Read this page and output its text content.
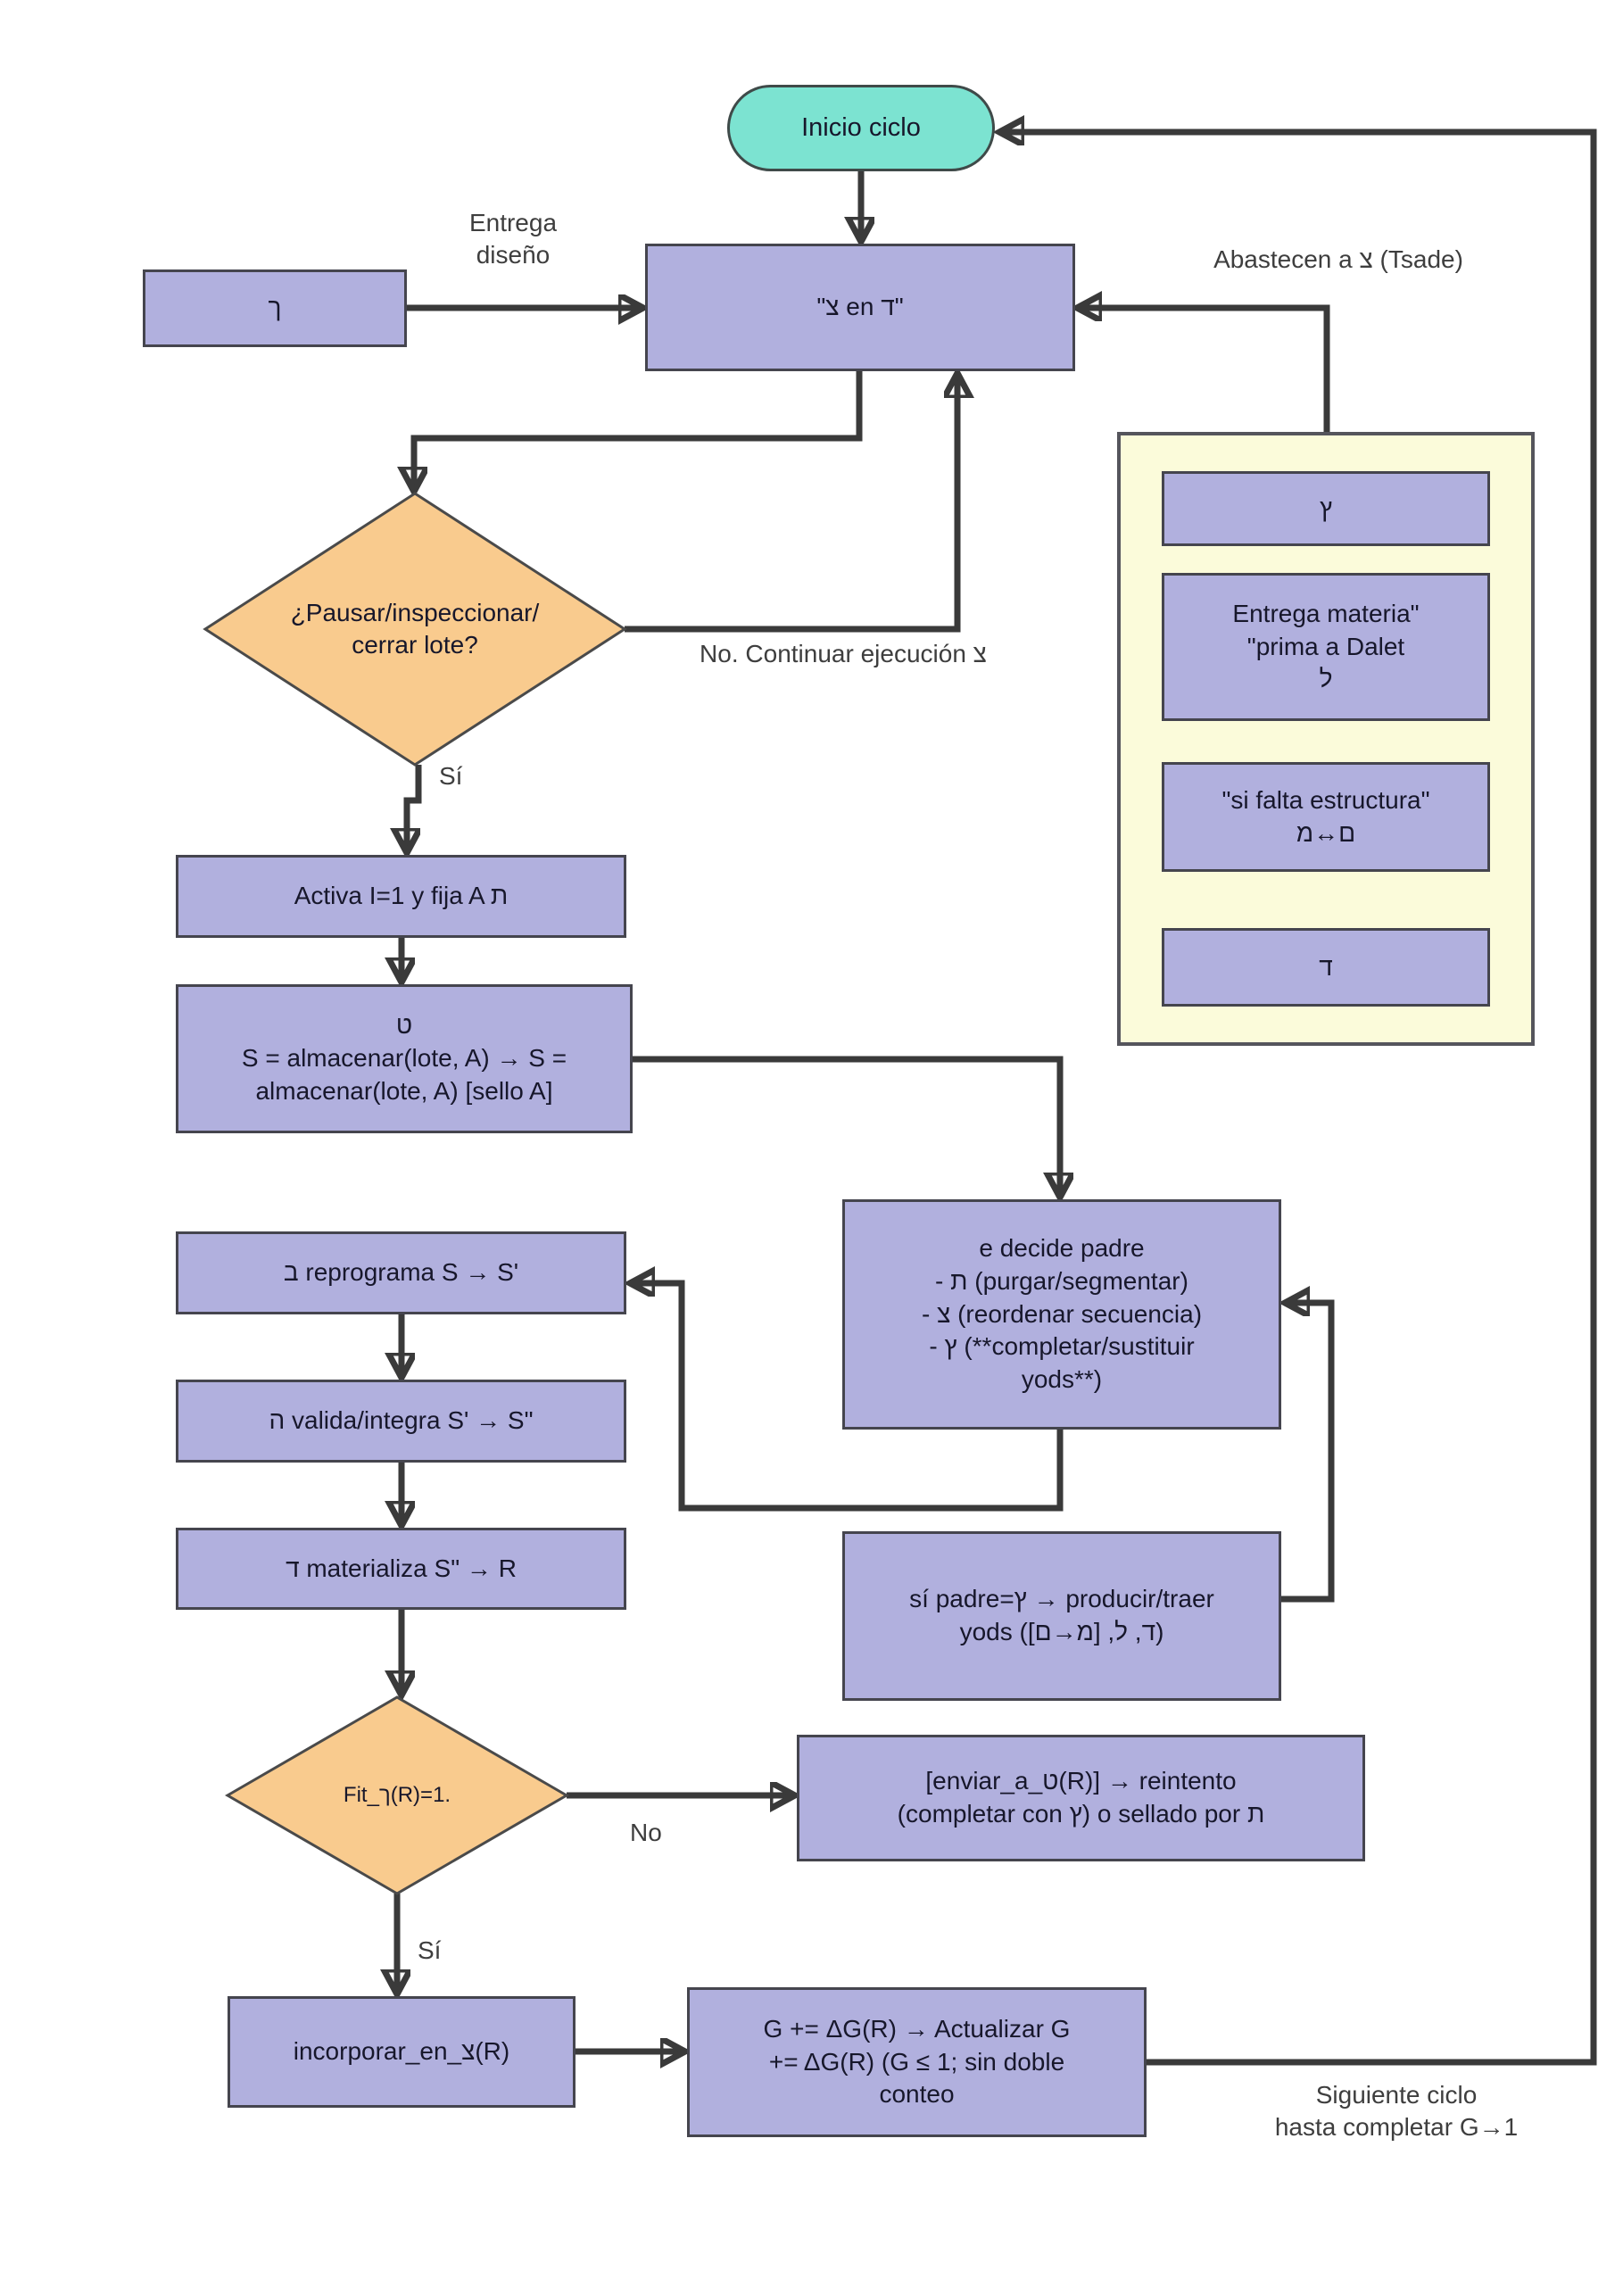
Inicio ciclo
ך	"צ en ד"
Entrega
diseño	Abastecen a צ (Tsade)
¿Pausar/inspeccionar/
cerrar lote?	No. Continuar ejecución צ
Sí
ץ
Entrega materia"
"prima a Dalet
ל
"si falta estructura"
מ↔ם
ד
Activa I=1 y fija A ת
ט
S = almacenar(lote, A) → S =
almacenar(lote, A) [sello A]
e decide padre
- ת (purgar/segmentar)
- צ (reordenar secuencia)
- ץ (**completar/sustituir
yods**)
ב reprograma S → S'
ה valida/integra S' → S"
ד materializa S" → R
sí padre=ץ → producir/traer
yods ([ם→מ] ,ל ,ד)
Fit_ך(R)=1.
No
[enviar_a_ט(R)] → reintento
(completar con ץ) o sellado por ת
Sí
incorporar_en_צ(R)
G += ΔG(R) → Actualizar G
+= ΔG(R) (G ≤ 1; sin doble
conteo	Siguiente ciclo
hasta completar G→1
